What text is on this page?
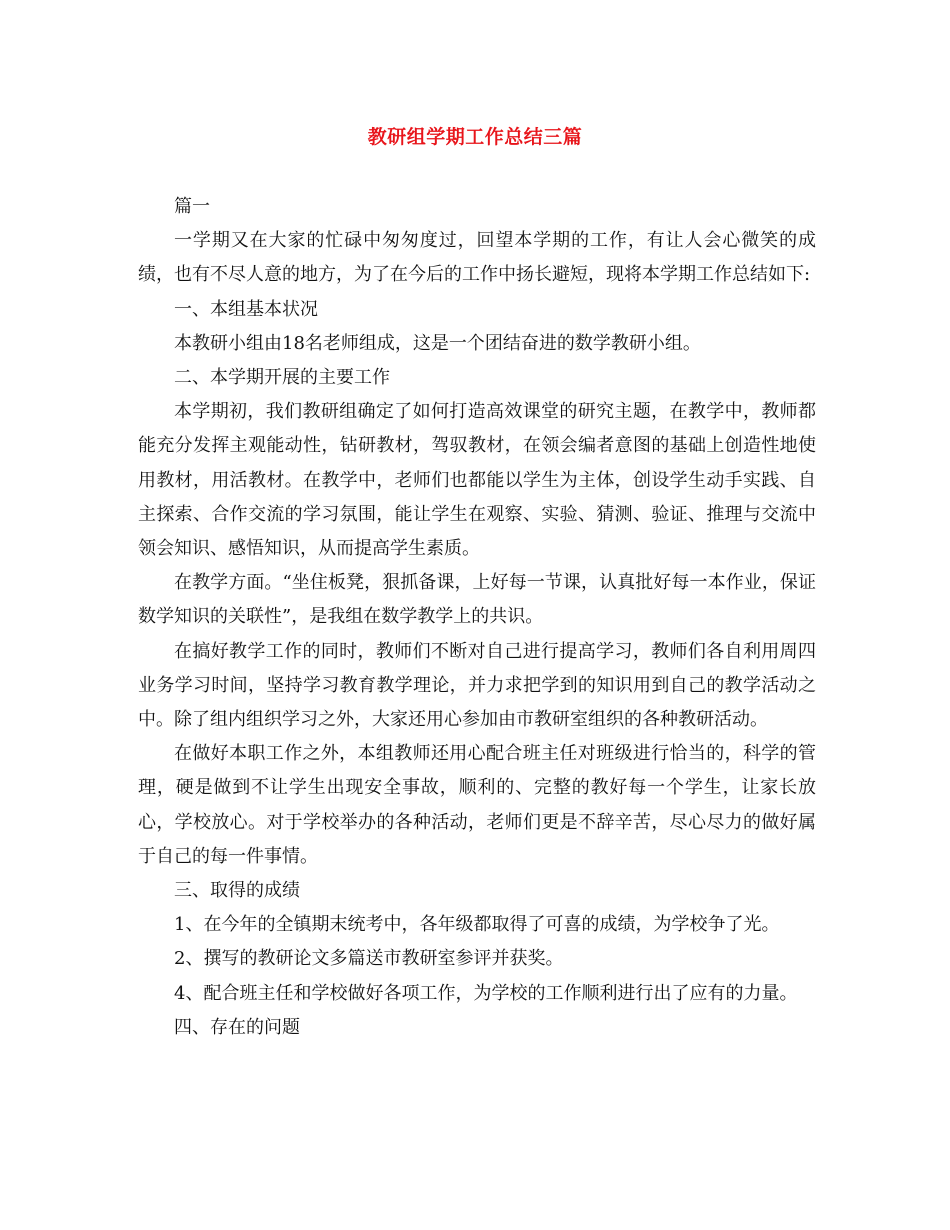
教研组学期工作总结三篇

篇一

一学期又在大家的忙碌中匆匆度过，回望本学期的工作，有让人会心微笑的成绩，也有不尽人意的地方，为了在今后的工作中扬长避短，现将本学期工作总结如下:

一、本组基本状况

本教研小组由18名老师组成，这是一个团结奋进的数学教研小组。

二、本学期开展的主要工作

本学期初，我们教研组确定了如何打造高效课堂的研究主题，在教学中，教师都能充分发挥主观能动性，钻研教材，驾驭教材，在领会编者意图的基础上创造性地使用教材，用活教材。在教学中，老师们也都能以学生为主体，创设学生动手实践、自主探索、合作交流的学习氛围，能让学生在观察、实验、猜测、验证、推理与交流中领会知识、感悟知识，从而提高学生素质。

在教学方面。“坐住板凳，狠抓备课，上好每一节课，认真批好每一本作业，保证数学知识的关联性”，是我组在数学教学上的共识。

在搞好教学工作的同时，教师们不断对自己进行提高学习，教师们各自利用周四业务学习时间，坚持学习教育教学理论，并力求把学到的知识用到自己的教学活动之中。除了组内组织学习之外，大家还用心参加由市教研室组织的各种教研活动。

在做好本职工作之外，本组教师还用心配合班主任对班级进行恰当的，科学的管理，硬是做到不让学生出现安全事故，顺利的、完整的教好每一个学生，让家长放心，学校放心。对于学校举办的各种活动，老师们更是不辞辛苦，尽心尽力的做好属于自己的每一件事情。

三、取得的成绩

1、在今年的全镇期末统考中，各年级都取得了可喜的成绩，为学校争了光。

2、撰写的教研论文多篇送市教研室参评并获奖。

4、配合班主任和学校做好各项工作，为学校的工作顺利进行出了应有的力量。

四、存在的问题
